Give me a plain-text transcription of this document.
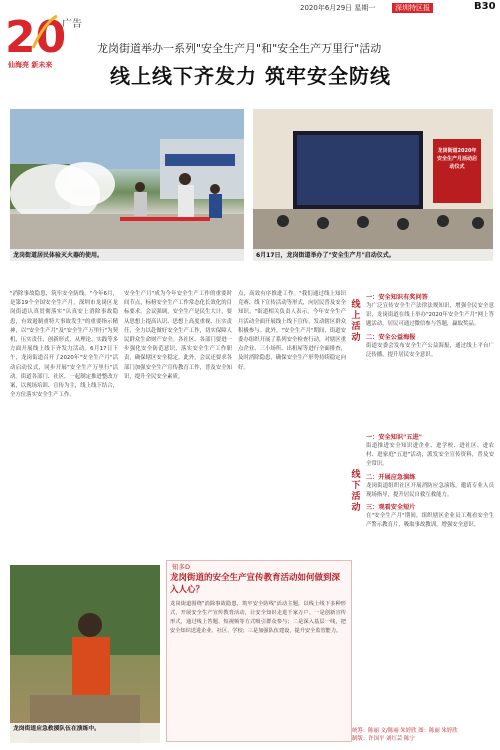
2020年6月29日 星期一	深圳特区报	B30
20
广告
仙海亮 新未来
龙岗街道举办一系列"安全生产月"和"安全生产万里行"活动
线上线下齐发力 筑牢安全防线
龙岗街道居民体验灭火器的使用。
龙岗街道2020年安全生产月活动启动仪式
6月17日，龙岗街道举办了"安全生产月"启动仪式。
"消除事故隐患，筑牢安全防线。"今年6月，是第19个全国安全生产月，深圳市龙岗区龙岗街道认真贯彻落实"认真安上消除事故隐患，有效遏制重特大事故发生"的重要指示精神，以"安全生产月"及"安全生产万里行"为契机，压实责任、创新形式，从理论、实践等多方面开展线上线下齐发力活动。6月17日下午，龙岗街道召开了2020年"安全生产月"活动启动仪式，同步开展"安全生产万里行"活动。街道各部门、社区，一起制定推进整改方案，以现场培训、宣传为主，线上线下结合，全方位落实安全生产工作。
安全生产月"成为今年安全生产工作的重要时间节点，标榜安全生产工作常态化长效化的目标要求。会议强调，安全生产是民生大计，要从思想上提高认识、思想上高度重视、压实责任，全力以赴做好安全生产工作，切实保障人民群众生命财产安全。各社区、各部门要进一步强化安全防范意识，落实安全生产工作职责，确保辖区安全稳定。此外，会议还要求各部门加强安全生产宣传教育工作，普及安全知识，提升全民安全素质。
点，高效有序推进工作。"我们通过线上知识竞赛、线下宣传活动等形式，向居民普及安全知识。"街道相关负责人表示，今年安全生产月活动全面开展线上线下宣传，发动辖区群众积极参与。此外，"安全生产月"期间，街道安委办组织开展了系列安全检查行动，对辖区重点企业、三小场所、出租屋等进行全面排查，及时消除隐患，确保安全生产形势持续稳定向好。
线上活动
线下活动
一：安全知识有奖问答
为广泛宣传安全生产法律法规知识，增强全民安全意识，龙岗街道在线上举办"2020年安全生产月"网上答题活动，居民可通过微信参与答题，赢取奖品。
二：安全公益海报
街道安委会发布安全生产公益海报，通过线上平台广泛传播，提升居民安全意识。
一：安全知识"五进"
街道推进安全知识进企业、进学校、进社区、进农村、进家庭"五进"活动，派发安全宣传资料，普及安全常识。
二：开展应急演练
龙岗街道组织社区开展消防应急演练，邀请专业人员现场指导，提升居民自救互救能力。
三：观看安全短片
在"安全生产月"期间，组织辖区企业员工观看安全生产警示教育片，吸取事故教训，增强安全意识。
龙岗街道应急救援队伍在演练中。
知多D
龙岗街道的安全生产宣传教育活动如何做到深入人心？
龙岗街道围绕"消除事故隐患，筑牢安全防线"活动主题，以线上线下多种形式，开展安全生产宣传教育活动，让安全知识走进千家万户。一是创新宣传形式，通过线上答题、短视频等方式吸引群众参与；二是深入基层一线，把安全知识送进企业、社区、学校；三是加强队伍建设，提升安全监管能力。
统筹：陈丽 文/陈丽 朱婷欣 图：陈丽 朱婷欣
制版：许国平 刘红芸 陈宁
